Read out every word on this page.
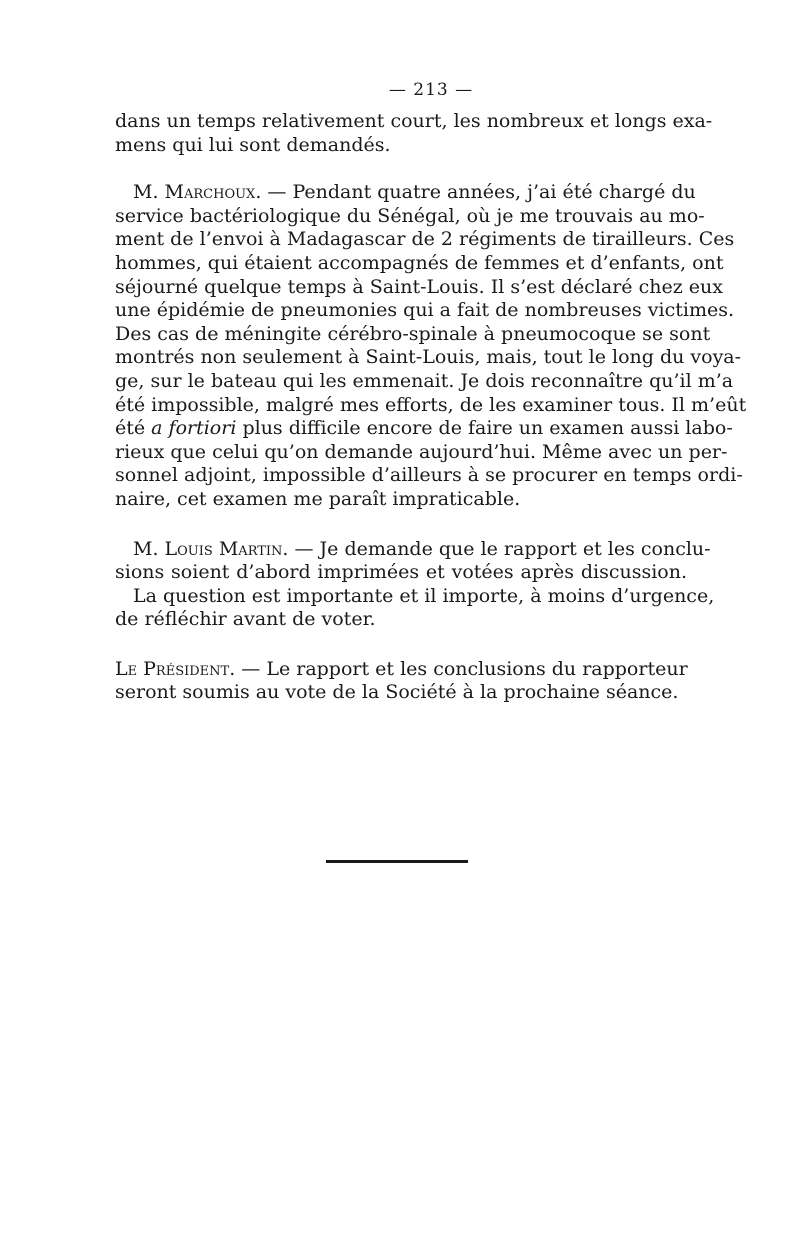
— 213 —
dans un temps relativement court, les nombreux et longs exa-
mens qui lui sont demandés.
M. Marchoux. — Pendant quatre années, j’ai été chargé du
service bactériologique du Sénégal, où je me trouvais au mo-
ment de l’envoi à Madagascar de 2 régiments de tirailleurs. Ces
hommes, qui étaient accompagnés de femmes et d’enfants, ont
séjourné quelque temps à Saint-Louis. Il s’est déclaré chez eux
une épidémie de pneumonies qui a fait de nombreuses victimes.
Des cas de méningite cérébro-spinale à pneumocoque se sont
montrés non seulement à Saint-Louis, mais, tout le long du voya-
ge, sur le bateau qui les emmenait. Je dois reconnaître qu’il m’a
été impossible, malgré mes efforts, de les examiner tous. Il m’eût
été a fortiori plus difficile encore de faire un examen aussi labo-
rieux que celui qu’on demande aujourd’hui. Même avec un per-
sonnel adjoint, impossible d’ailleurs à se procurer en temps ordi-
naire, cet examen me paraît impraticable.
M. Louis Martin. — Je demande que le rapport et les conclu-
sions soient d’abord imprimées et votées après discussion.
La question est importante et il importe, à moins d’urgence,
de réfléchir avant de voter.
Le Président. — Le rapport et les conclusions du rapporteur
seront soumis au vote de la Société à la prochaine séance.
